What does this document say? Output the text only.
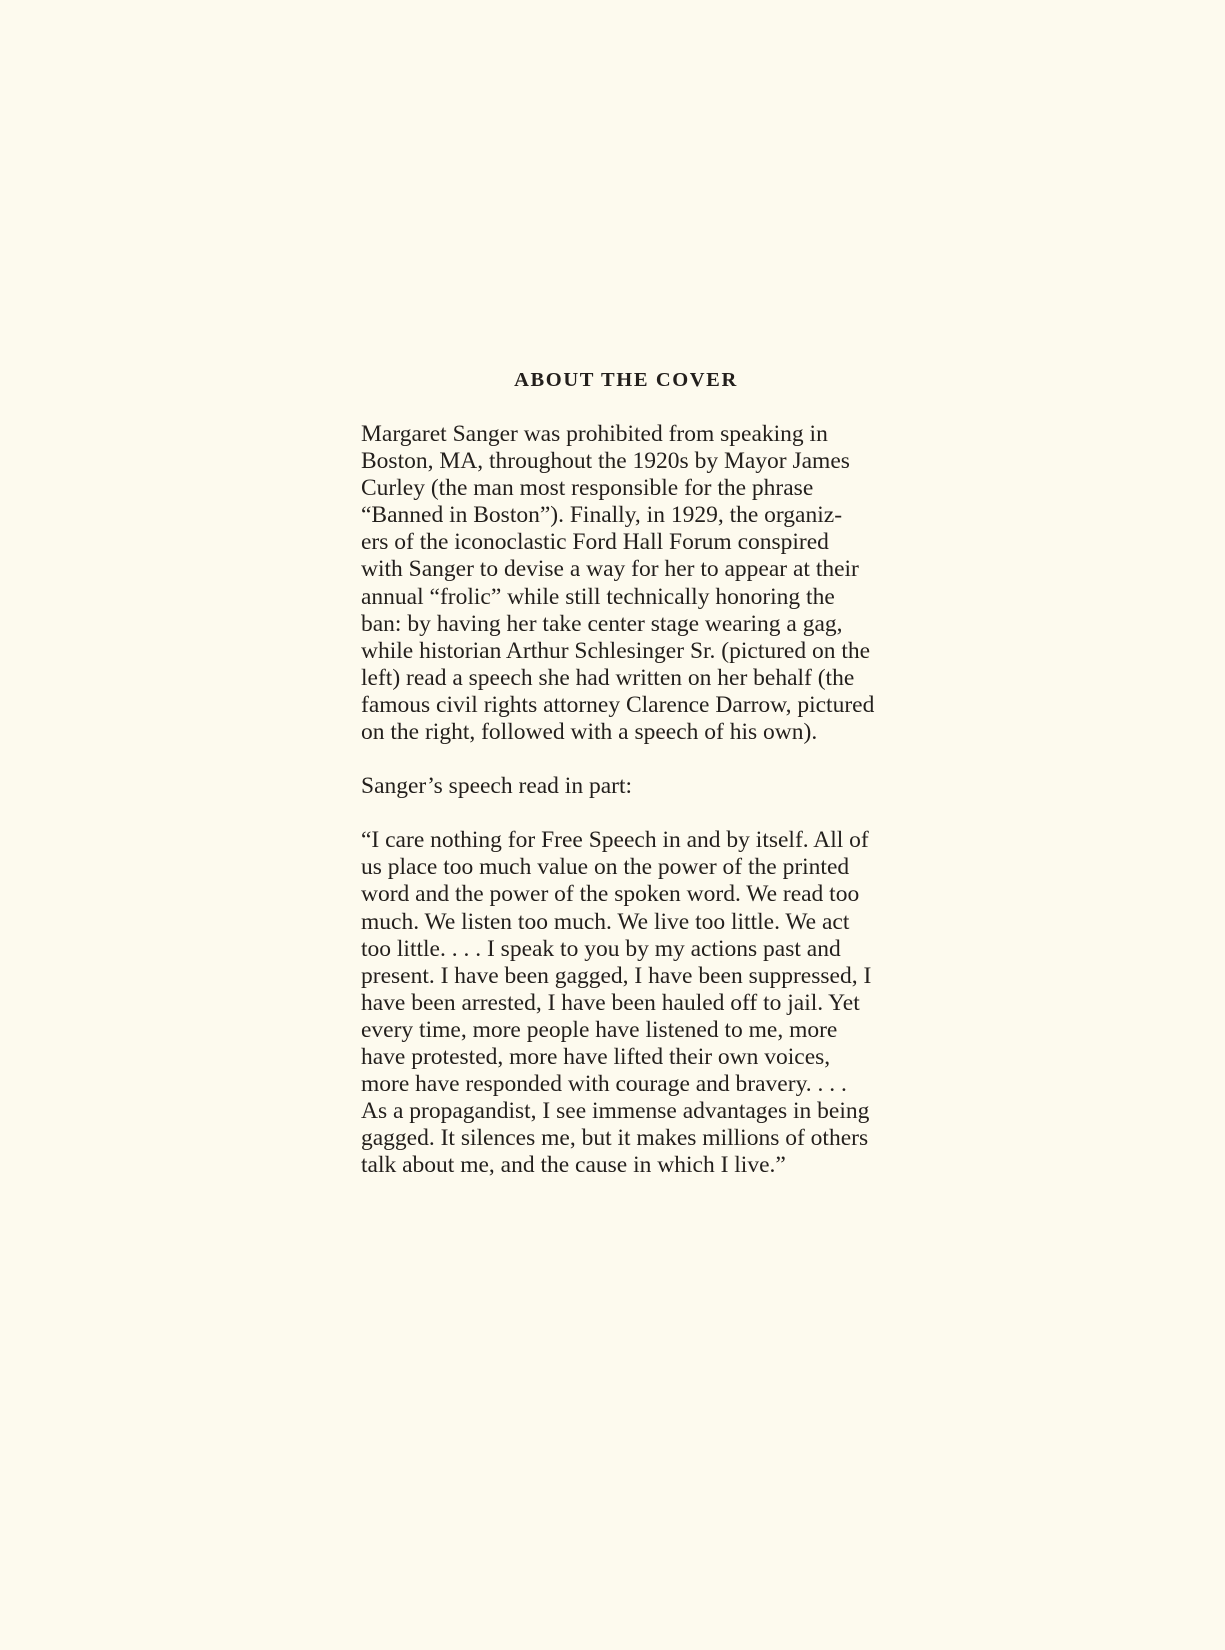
ABOUT THE COVER

Margaret Sanger was prohibited from speaking in
Boston, MA, throughout the 1920s by Mayor James
Curley (the man most responsible for the phrase
“Banned in Boston”). Finally, in 1929, the organiz-
ers of the iconoclastic Ford Hall Forum conspired
with Sanger to devise a way for her to appear at their
annual “frolic” while still technically honoring the
ban: by having her take center stage wearing a gag,
while historian Arthur Schlesinger Sr. (pictured on the
left) read a speech she had written on her behalf (the
famous civil rights attorney Clarence Darrow, pictured
on the right, followed with a speech of his own).

Sanger’s speech read in part:

“I care nothing for Free Speech in and by itself. All of
us place too much value on the power of the printed
word and the power of the spoken word. We read too
much. We listen too much. We live too little. We act
too little. . . . I speak to you by my actions past and
present. I have been gagged, I have been suppressed, I
have been arrested, I have been hauled off to jail. Yet
every time, more people have listened to me, more
have protested, more have lifted their own voices,
more have responded with courage and bravery. . . .
As a propagandist, I see immense advantages in being
gagged. It silences me, but it makes millions of others
talk about me, and the cause in which I live.”
